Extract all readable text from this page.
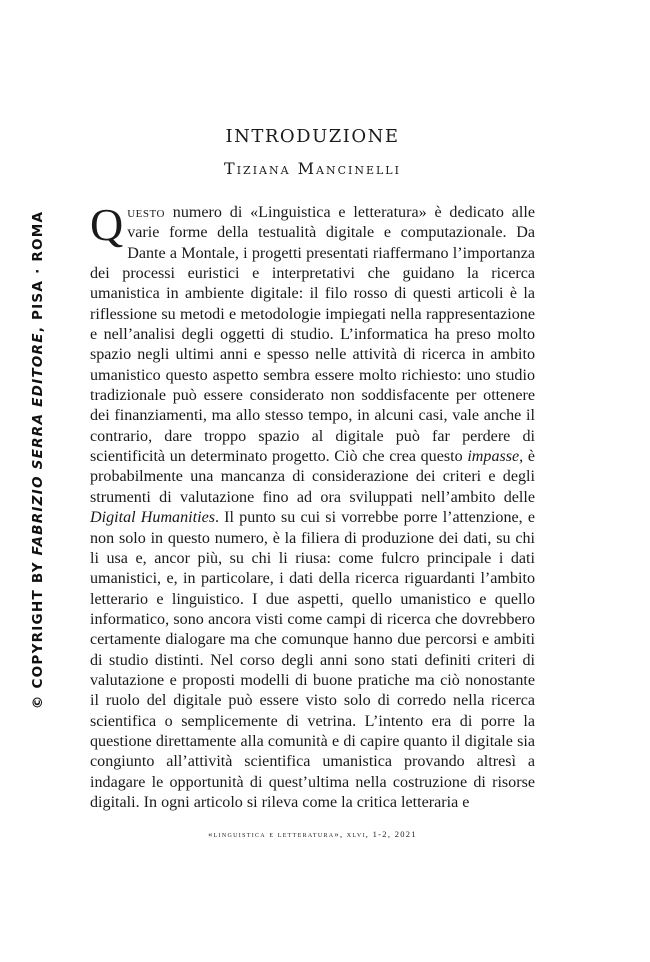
© COPYRIGHT BY FABRIZIO SERRA EDITORE, PISA · ROMA
INTRODUZIONE
Tiziana Mancinelli

Questo numero di «Linguistica e letteratura» è dedicato alle varie forme della testualità digitale e computazionale. Da Dante a Montale, i progetti presentati riaffermano l’importanza dei processi euristici e interpretativi che guidano la ricerca umanistica in ambiente digitale: il filo rosso di questi articoli è la riflessione su metodi e metodologie impiegati nella rappresentazione e nell’analisi degli oggetti di studio. L’informatica ha preso molto spazio negli ultimi anni e spesso nelle attività di ricerca in ambito umanistico questo aspetto sembra essere molto richiesto: uno studio tradizionale può essere considerato non soddisfacente per ottenere dei finanziamenti, ma allo stesso tempo, in alcuni casi, vale anche il contrario, dare troppo spazio al digitale può far perdere di scientificità un determinato progetto. Ciò che crea questo impasse, è probabilmente una mancanza di considerazione dei criteri e degli strumenti di valutazione fino ad ora sviluppati nell’ambito delle Digital Humanities. Il punto su cui si vorrebbe porre l’attenzione, e non solo in questo numero, è la filiera di produzione dei dati, su chi li usa e, ancor più, su chi li riusa: come fulcro principale i dati umanistici, e, in particolare, i dati della ricerca riguardanti l’ambito letterario e linguistico. I due aspetti, quello umanistico e quello informatico, sono ancora visti come campi di ricerca che dovrebbero certamente dialogare ma che comunque hanno due percorsi e ambiti di studio distinti. Nel corso degli anni sono stati definiti criteri di valutazione e proposti modelli di buone pratiche ma ciò nonostante il ruolo del digitale può essere visto solo di corredo nella ricerca scientifica o semplicemente di vetrina. L’intento era di porre la questione direttamente alla comunità e di capire quanto il digitale sia congiunto all’attività scientifica umanistica provando altresì a indagare le opportunità di quest’ultima nella costruzione di risorse digitali. In ogni articolo si rileva come la critica letteraria e

«linguistica e letteratura», xlvi, 1-2, 2021
